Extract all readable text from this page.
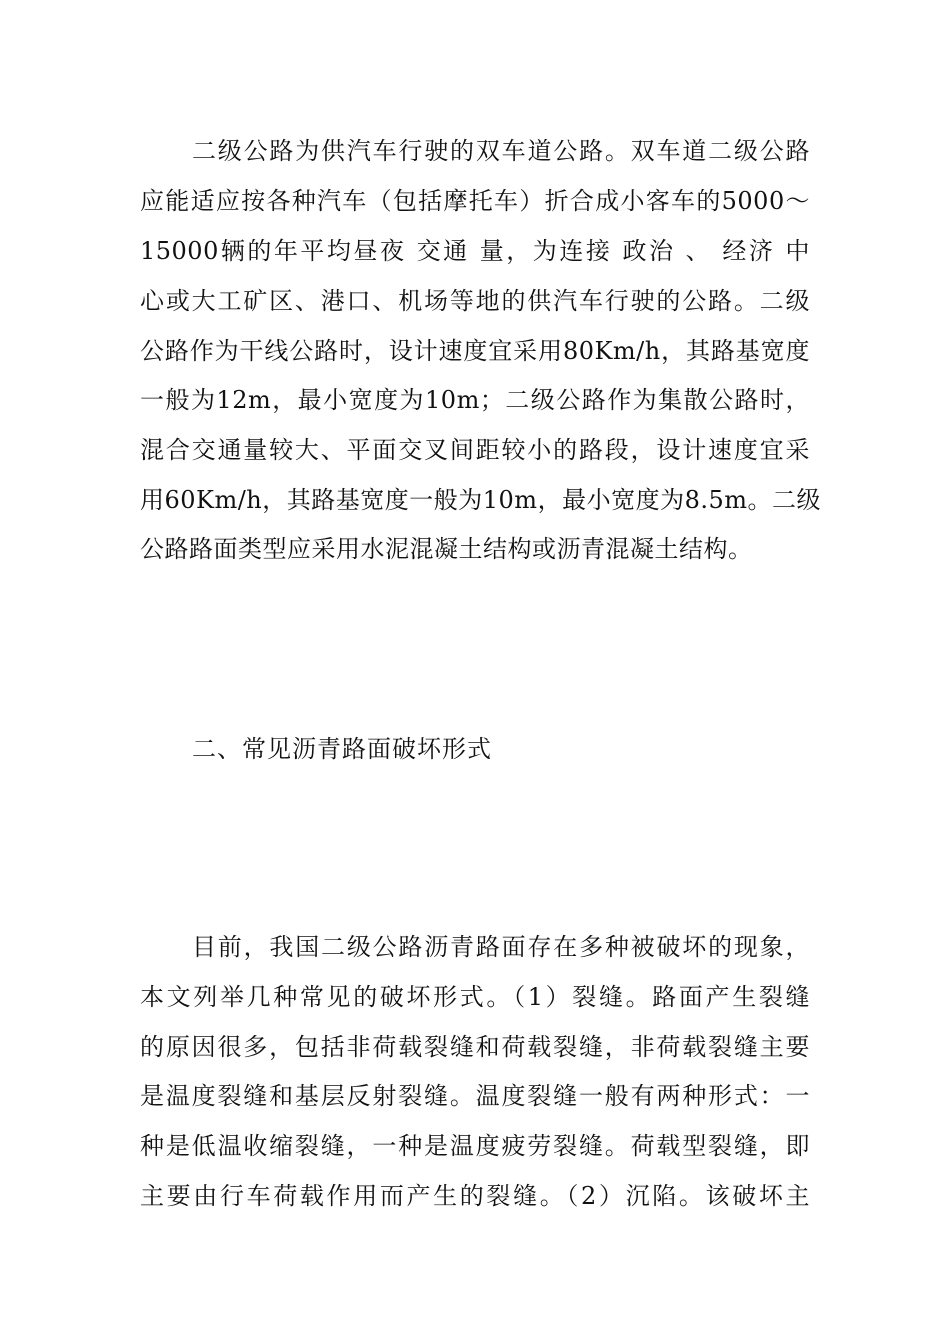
二级公路为供汽车行驶的双车道公路。双车道二级公路
应能适应按各种汽车（包括摩托车）折合成小客车的5000～
15000辆的年平均昼夜 交通 量，为连接 政治 、 经济 中
心或大工矿区、港口、机场等地的供汽车行驶的公路。二级
公路作为干线公路时，设计速度宜采用80Km/h，其路基宽度
一般为12m，最小宽度为10m；二级公路作为集散公路时，
混合交通量较大、平面交叉间距较小的路段，设计速度宜采
用60Km/h，其路基宽度一般为10m，最小宽度为8.5m。二级
公路路面类型应采用水泥混凝土结构或沥青混凝土结构。
二、常见沥青路面破坏形式
目前，我国二级公路沥青路面存在多种被破坏的现象，
本文列举几种常见的破坏形式。（1）裂缝。路面产生裂缝
的原因很多，包括非荷载裂缝和荷载裂缝，非荷载裂缝主要
是温度裂缝和基层反射裂缝。温度裂缝一般有两种形式：一
种是低温收缩裂缝，一种是温度疲劳裂缝。荷载型裂缝，即
主要由行车荷载作用而产生的裂缝。（2）沉陷。该破坏主
